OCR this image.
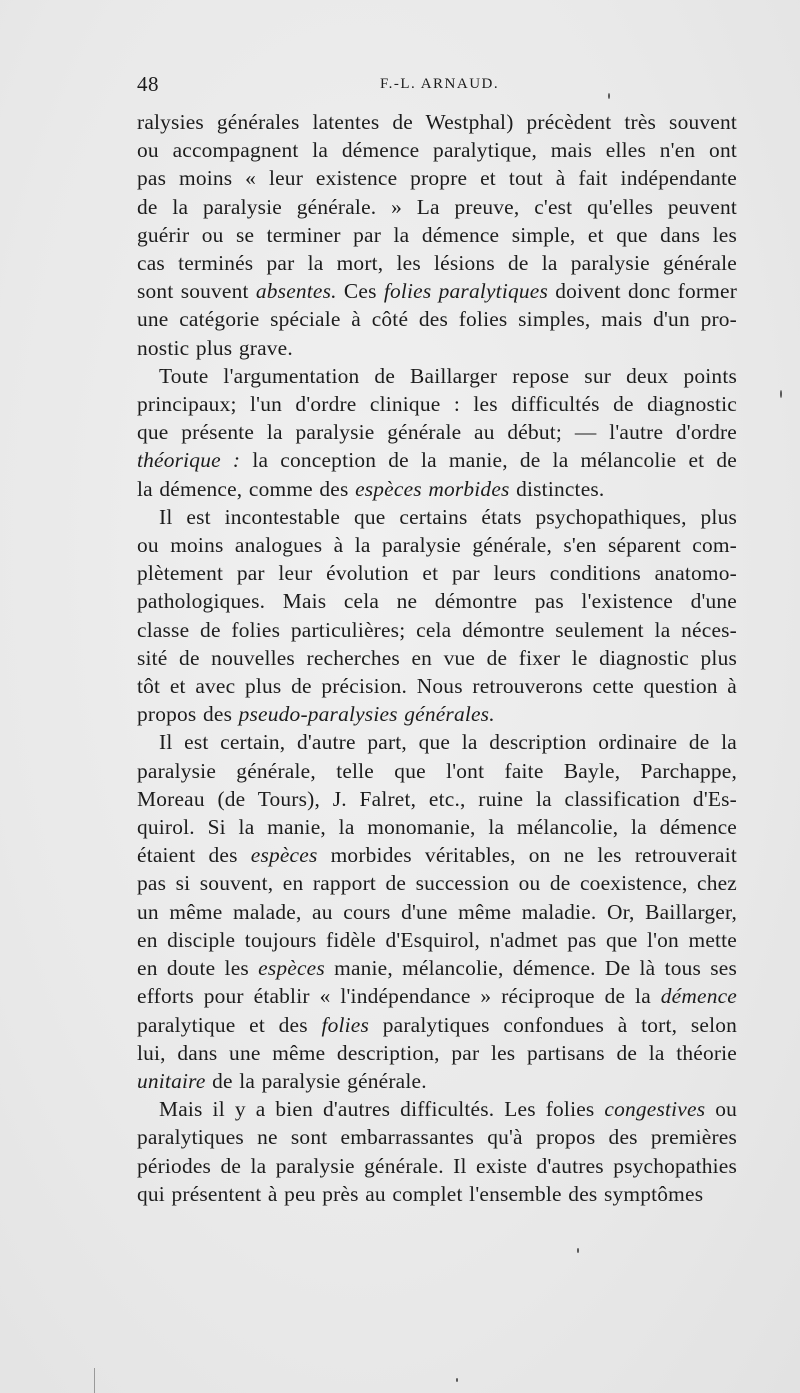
48	F.-L. ARNAUD.
ralysies générales latentes de Westphal) précèdent très souvent
ou accompagnent la démence paralytique, mais elles n'en ont
pas moins « leur existence propre et tout à fait indépendante
de la paralysie générale. » La preuve, c'est qu'elles peuvent
guérir ou se terminer par la démence simple, et que dans les
cas terminés par la mort, les lésions de la paralysie générale
sont souvent absentes. Ces folies paralytiques doivent donc former
une catégorie spéciale à côté des folies simples, mais d'un pro-
nostic plus grave.
Toute l'argumentation de Baillarger repose sur deux points
principaux; l'un d'ordre clinique : les difficultés de diagnostic
que présente la paralysie générale au début; — l'autre d'ordre
théorique : la conception de la manie, de la mélancolie et de
la démence, comme des espèces morbides distinctes.
Il est incontestable que certains états psychopathiques, plus
ou moins analogues à la paralysie générale, s'en séparent com-
plètement par leur évolution et par leurs conditions anatomo-
pathologiques. Mais cela ne démontre pas l'existence d'une
classe de folies particulières; cela démontre seulement la néces-
sité de nouvelles recherches en vue de fixer le diagnostic plus
tôt et avec plus de précision. Nous retrouverons cette question à
propos des pseudo-paralysies générales.
Il est certain, d'autre part, que la description ordinaire de la
paralysie générale, telle que l'ont faite Bayle, Parchappe,
Moreau (de Tours), J. Falret, etc., ruine la classification d'Es-
quirol. Si la manie, la monomanie, la mélancolie, la démence
étaient des espèces morbides véritables, on ne les retrouverait
pas si souvent, en rapport de succession ou de coexistence, chez
un même malade, au cours d'une même maladie. Or, Baillarger,
en disciple toujours fidèle d'Esquirol, n'admet pas que l'on mette
en doute les espèces manie, mélancolie, démence. De là tous ses
efforts pour établir « l'indépendance » réciproque de la démence
paralytique et des folies paralytiques confondues à tort, selon
lui, dans une même description, par les partisans de la théorie
unitaire de la paralysie générale.
Mais il y a bien d'autres difficultés. Les folies congestives ou
paralytiques ne sont embarrassantes qu'à propos des premières
périodes de la paralysie générale. Il existe d'autres psychopathies
qui présentent à peu près au complet l'ensemble des symptômes
